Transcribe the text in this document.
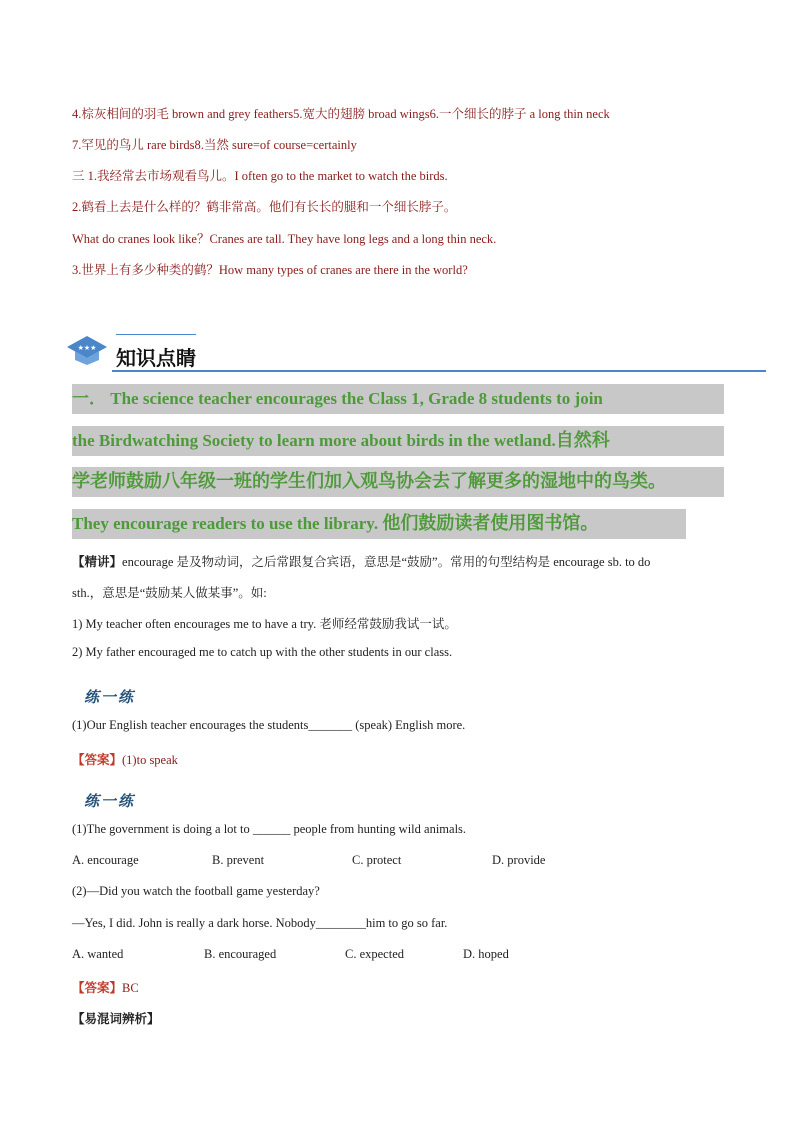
4.棕灰相间的羽毛 brown and grey feathers5.宽大的翅膀 broad wings6.一个细长的脖子 a long thin neck
7.罕见的鸟儿 rare birds8.当然 sure=of course=certainly
三 1.我经常去市场观看鸟儿。I often go to the market to watch the birds.
2.鹤看上去是什么样的？鹤非常高。他们有长长的腿和一个细长脖子。
What do cranes look like？Cranes are tall. They have long legs and a long thin neck.
3.世界上有多少种类的鹤？How many types of cranes are there in the world?
★★★ 知识点睛
一． The science teacher encourages the Class 1, Grade 8 students to join
the Birdwatching Society to learn more about birds in the wetland.自然科
学老师鼓励八年级一班的学生们加入观鸟协会去了解更多的湿地中的鸟类。
They encourage readers to use the library. 他们鼓励读者使用图书馆。
【精讲】encourage 是及物动词，之后常跟复合宾语，意思是“鼓励”。常用的句型结构是 encourage sb. to do
sth.，意思是“鼓励某人做某事”。如:
1) My teacher often encourages me to have a try. 老师经常鼓励我试一试。
2) My father encouraged me to catch up with the other students in our class.
练一练
(1)Our English teacher encourages the students_______ (speak) English more.
【答案】(1)to speak
练一练
(1)The government is doing a lot to ______ people from hunting wild animals.
A. encourage	B. prevent	C. protect	D. provide
(2)—Did you watch the football game yesterday?
—Yes, I did. John is really a dark horse. Nobody________him to go so far.
A. wanted	B. encouraged	C. expected	D. hoped
【答案】BC
【易混词辨析】
